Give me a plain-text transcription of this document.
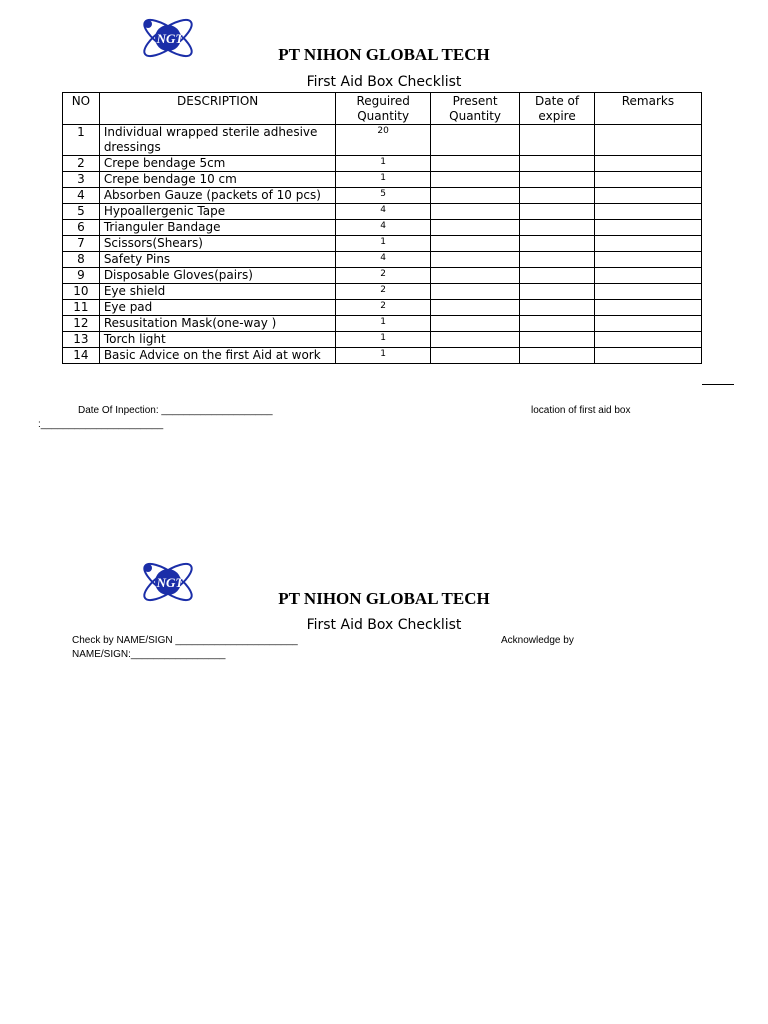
NGT
PT NIHON GLOBAL TECH
First Aid Box Checklist
NO	DESCRIPTION	Reguired Quantity	Present Quantity	Date of expire	Remarks
1	Individual wrapped sterile adhesive dressings	20			
2	Crepe bendage 5cm	1			
3	Crepe bendage 10 cm	1			
4	Absorben Gauze (packets of 10 pcs)	5			
5	Hypoallergenic Tape	4			
6	Trianguler Bandage	4			
7	Scissors(Shears)	1			
8	Safety Pins	4			
9	Disposable Gloves(pairs)	2			
10	Eye shield	2			
11	Eye pad	2			
12	Resusitation Mask(one-way )	1			
13	Torch light	1			
14	Basic Advice on the first Aid at work	1			
Date Of Inpection: ____________________	location of first aid box
:______________________
NGT
PT NIHON GLOBAL TECH
First Aid Box Checklist
Check by NAME/SIGN ______________________	Acknowledge by
NAME/SIGN:_________________
